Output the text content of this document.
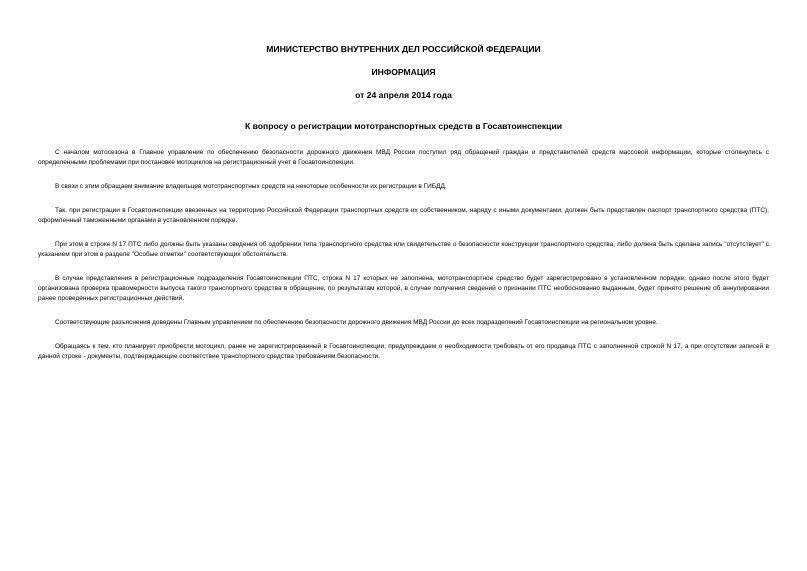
МИНИСТЕРСТВО ВНУТРЕННИХ ДЕЛ РОССИЙСКОЙ ФЕДЕРАЦИИ
ИНФОРМАЦИЯ
от 24 апреля 2014 года
К вопросу о регистрации мототранспортных средств в Госавтоинспекции

С началом мотосезона в Главное управление по обеспечению безопасности дорожного движения МВД России поступил ряд обращений граждан и представителей средств массовой информации, которые столкнулись с определенными проблемами при постановке мотоциклов на регистрационный учет в Госавтоинспекции.

В связи с этим обращаем внимание владельцев мототранспортных средств на некоторые особенности их регистрации в ГИБДД.

Так, при регистрации в Госавтоинспекции ввезенных на территорию Российской Федерации транспортных средств их собственником, наряду с иными документами, должен быть представлен паспорт транспортного средства (ПТС), оформленный таможенными органами в установленном порядке.

При этом в строке N 17 ПТС либо должны быть указаны сведения об одобрении типа транспортного средства или свидетельстве о безопасности конструкции транспортного средства, либо должна быть сделана запись "отсутствует" с указанием при этом в разделе "Особые отметки" соответствующих обстоятельств.

В случае представления в регистрационные подразделения Госавтоинспекции ПТС, строка N 17 которых не заполнена, мототранспортное средство будет зарегистрировано в установленном порядке, однако после этого будет организована проверка правомерности выпуска такого транспортного средства в обращение, по результатам которой, в случае получения сведений о признании ПТС необоснованно выданным, будет принято решение об аннулировании ранее проведенных регистрационных действий.

Соответствующие разъяснения доведены Главным управлением по обеспечению безопасности дорожного движения МВД России до всех подразделений Госавтоинспекции на региональном уровне.

Обращаясь к тем, кто планирует приобрести мотоцикл, ранее не зарегистрированный в Госавтоинспекции, предупреждаем о необходимости требовать от его продавца ПТС с заполненной строкой N 17, а при отсутствии записей в данной строке - документы, подтверждающие соответствие транспортного средства требованиям безопасности.
